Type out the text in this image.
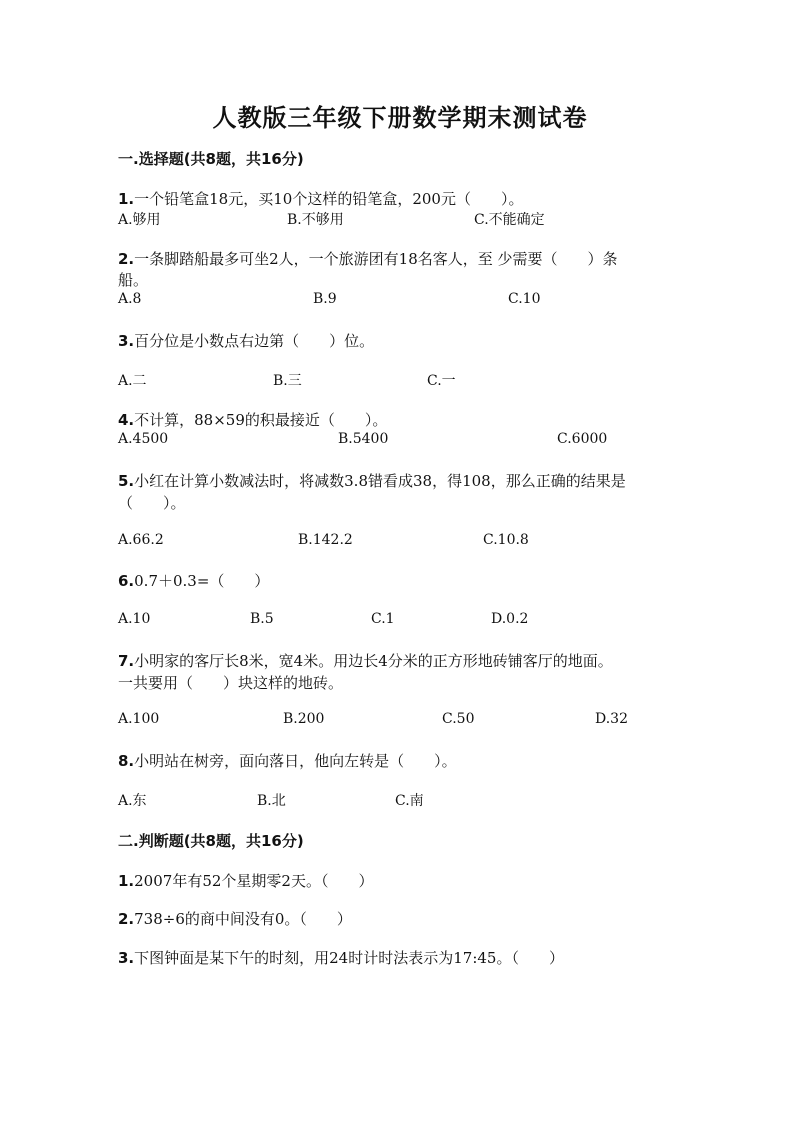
人教版三年级下册数学期末测试卷
一.选择题(共8题，共16分)
1.一个铅笔盒18元，买10个这样的铅笔盒，200元（　　）。
A.够用	B.不够用	C.不能确定
2.一条脚踏船最多可坐2人，一个旅游团有18名客人，至 少需要（　　）条
船。
A.8	B.9	C.10
3.百分位是小数点右边第（　　）位。
A.二	B.三	C.一
4.不计算，88×59的积最接近（　　）。
A.4500	B.5400	C.6000
5.小红在计算小数减法时，将减数3.8错看成38，得108，那么正确的结果是
（　　）。
A.66.2	B.142.2	C.10.8
6.0.7＋0.3=（　　）
A.10	B.5	C.1	D.0.2
7.小明家的客厅长8米，宽4米。用边长4分米的正方形地砖铺客厅的地面。
一共要用（　　）块这样的地砖。
A.100	B.200	C.50	D.32
8.小明站在树旁，面向落日，他向左转是（　　）。
A.东	B.北	C.南
二.判断题(共8题，共16分)
1.2007年有52个星期零2天。（　　）
2.738÷6的商中间没有0。（　　）
3.下图钟面是某下午的时刻，用24时计时法表示为17:45。（　　）
